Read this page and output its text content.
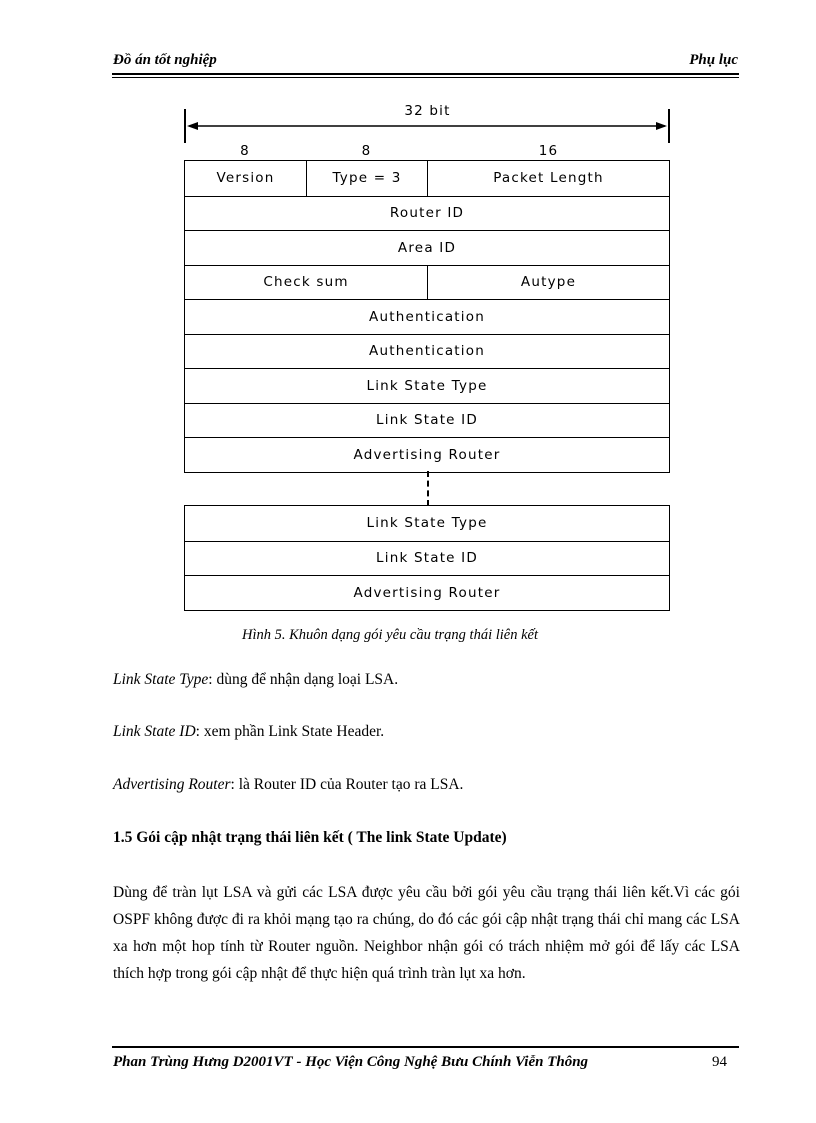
Đồ án tốt nghiệp	Phụ lục
32 bit
8	8	16
Version	Type = 3	Packet Length
Router ID
Area ID
Check sum	Autype
Authentication
Authentication
Link State Type
Link State ID
Advertising Router
Link State Type
Link State ID
Advertising Router
Hình 5. Khuôn dạng gói yêu cầu trạng thái liên kết
Link State Type: dùng để nhận dạng loại LSA.
Link State ID: xem phần Link State Header.
Advertising Router: là Router ID của Router tạo ra LSA.
1.5 Gói cập nhật trạng thái liên kết ( The link State Update)
Dùng để tràn lụt LSA và gửi các LSA được yêu cầu bởi gói yêu cầu trạng thái liên kết.Vì các gói OSPF không được đi ra khỏi mạng tạo ra chúng, do đó các gói cập nhật trạng thái chỉ mang các LSA xa hơn một hop tính từ Router nguồn. Neighbor nhận gói có trách nhiệm mở gói để lấy các LSA thích hợp trong gói cập nhật để thực hiện quá trình tràn lụt xa hơn.
Phan Trùng Hưng D2001VT - Học Viện Công Nghệ Bưu Chính Viễn Thông	94
